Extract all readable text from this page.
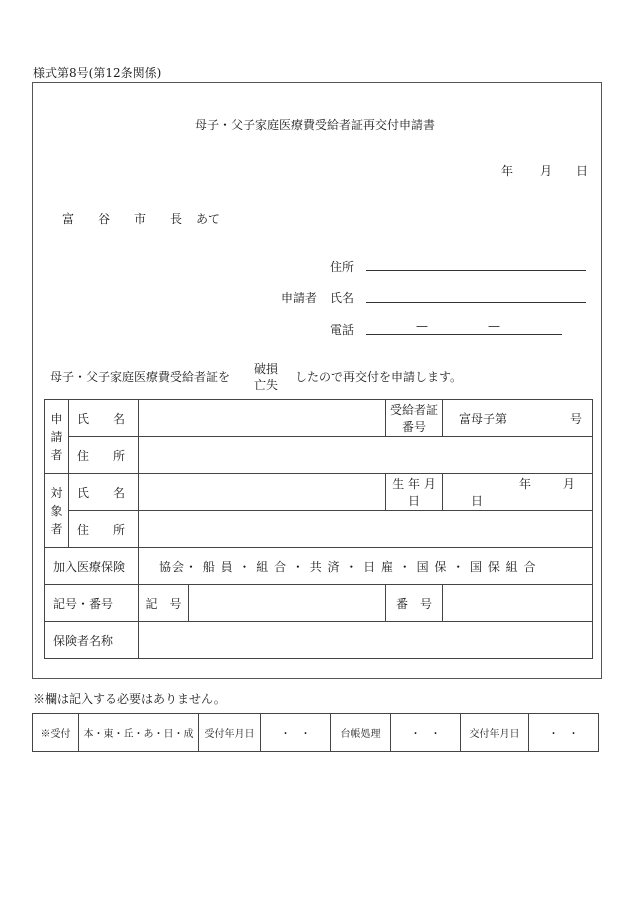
様式第8号(第12条関係)
母子・父子家庭医療費受給者証再交付申請書
年 月 日
富　　谷　　市　　長 あて
住所
申請者 氏名
電話	—	—
母子・父子家庭医療費受給者証を
破損
亡失
したので再交付を申請します。
申
請
者	氏　　名			受給者証番号	富母子第 号

	住　　所				

対
象
者	氏　　名			生 年 月 日	年 月 日
	住　　所				
加入医療保険		協会・ 船 員 ・ 組 合 ・ 共 済 ・ 日 雇 ・ 国 保 ・ 国 保 組 合			
記号・番号		記　号		番　号	
保険者名称					
※欄は記入する必要はありません。
※受付	本・東・丘・あ・日・成	受付年月日	・　・	台帳処理	・　・	交付年月日	・　・
